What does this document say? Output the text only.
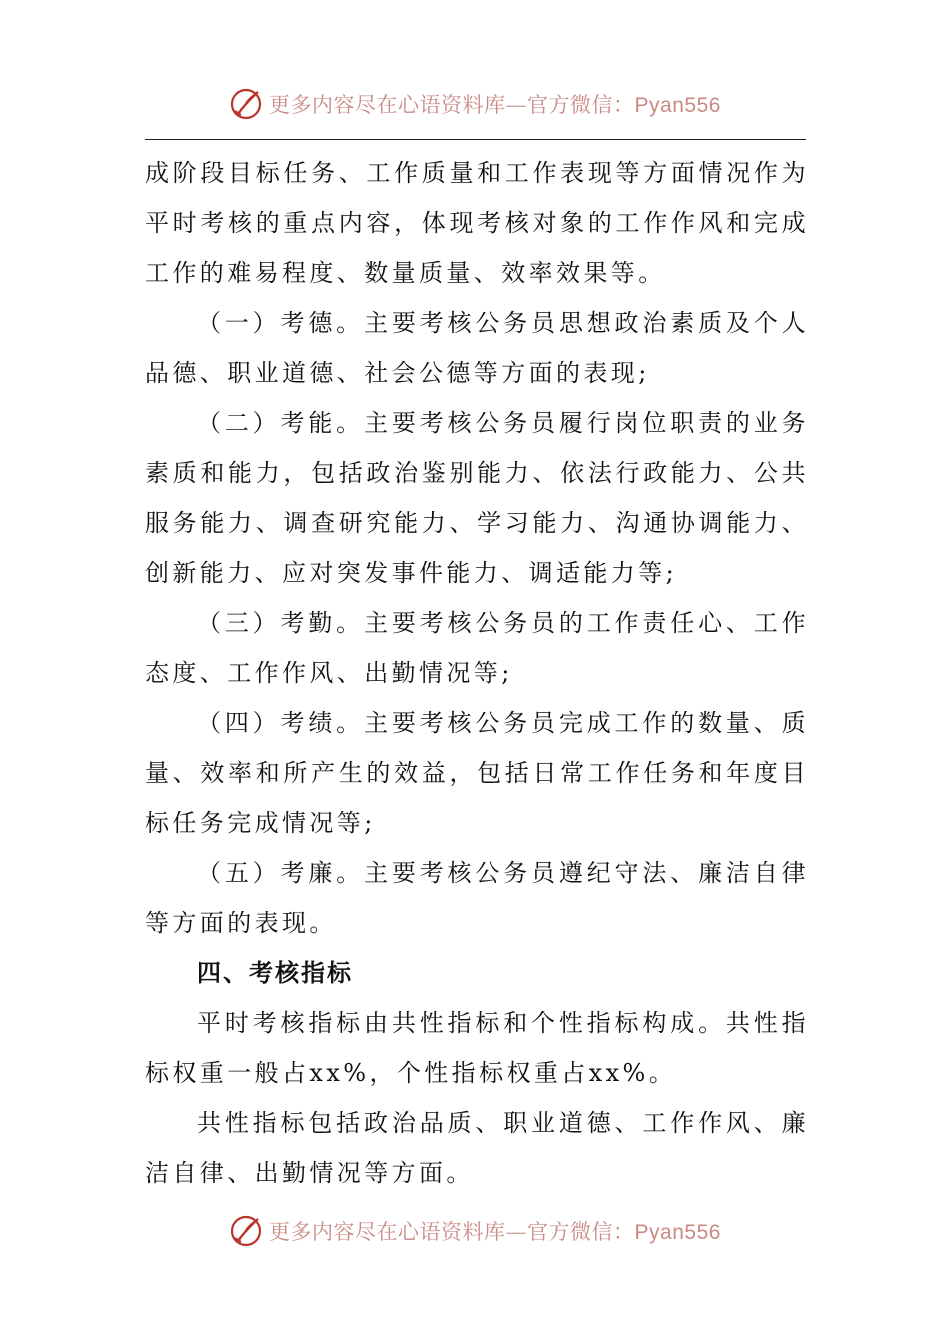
更多内容尽在心语资料库—官方微信：Pyan556

成阶段目标任务、工作质量和工作表现等方面情况作为平时考核的重点内容，体现考核对象的工作作风和完成工作的难易程度、数量质量、效率效果等。

（一）考德。主要考核公务员思想政治素质及个人品德、职业道德、社会公德等方面的表现;

（二）考能。主要考核公务员履行岗位职责的业务素质和能力，包括政治鉴别能力、依法行政能力、公共服务能力、调查研究能力、学习能力、沟通协调能力、创新能力、应对突发事件能力、调适能力等;

（三）考勤。主要考核公务员的工作责任心、工作态度、工作作风、出勤情况等;

（四）考绩。主要考核公务员完成工作的数量、质量、效率和所产生的效益，包括日常工作任务和年度目标任务完成情况等;

（五）考廉。主要考核公务员遵纪守法、廉洁自律等方面的表现。

四、考核指标

平时考核指标由共性指标和个性指标构成。共性指标权重一般占xx%，个性指标权重占xx%。

共性指标包括政治品质、职业道德、工作作风、廉洁自律、出勤情况等方面。

更多内容尽在心语资料库—官方微信：Pyan556
